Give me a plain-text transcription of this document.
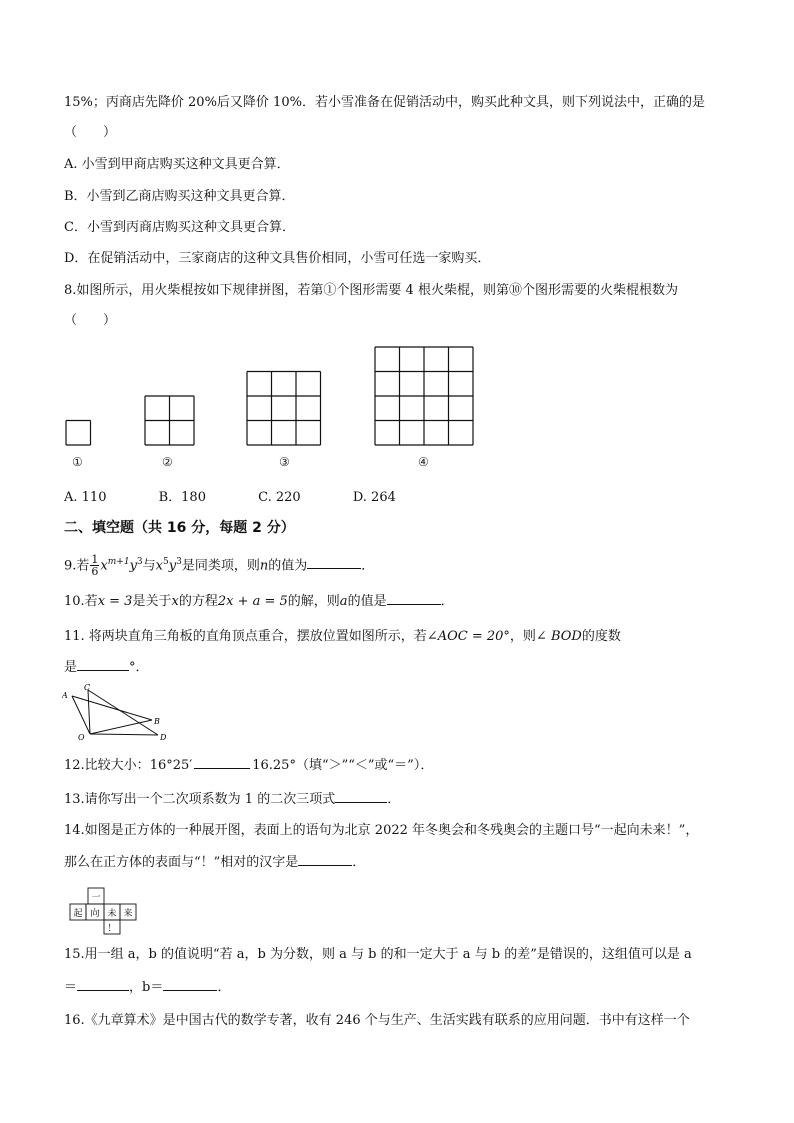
15%；丙商店先降价 20%后又降价 10%．若小雪准备在促销活动中，购买此种文具，则下列说法中，正确的是
（　　）
A. 小雪到甲商店购买这种文具更合算．
B．小雪到乙商店购买这种文具更合算．
C．小雪到丙商店购买这种文具更合算．
D．在促销活动中，三家商店的这种文具售价相同，小雪可任选一家购买．
8.如图所示，用火柴棍按如下规律拼图，若第①个图形需要 4 根火柴棍，则第⑩个图形需要的火柴棍根数为
（　　）
①	②	③	④
A. 110	B．180	C. 220	D. 264
二、填空题（共 16 分，每题 2 分）
9.若 $\frac{1}{6} x^{m+1}y^3$与$x^5y^3$是同类项，则n的值为	．
10.若x = 3是关于x的方程2x + a = 5的解，则a的值是	．
11. 将两块直角三角板的直角顶点重合，摆放位置如图所示，若∠AOC = 20°，则∠ BOD的度数
是	°．
A
C
B
O	D
12.比较大小：16°25′	16.25°（填“＞”“＜”或“＝”）．
13.请你写出一个二次项系数为 1 的二次三项式	．
14.如图是正方体的一种展开图，表面上的语句为北京 2022 年冬奥会和冬残奥会的主题口号“一起向未来！”，
那么在正方体的表面与“！”相对的汉字是	．
一
起 向 未 来
！
15.用一组 a，b 的值说明“若 a，b 为分数，则 a 与 b 的和一定大于 a 与 b 的差”是错误的，这组值可以是 a
＝	，b＝	．
16.《九章算术》是中国古代的数学专著，收有 246 个与生产、生活实践有联系的应用问题．书中有这样一个
